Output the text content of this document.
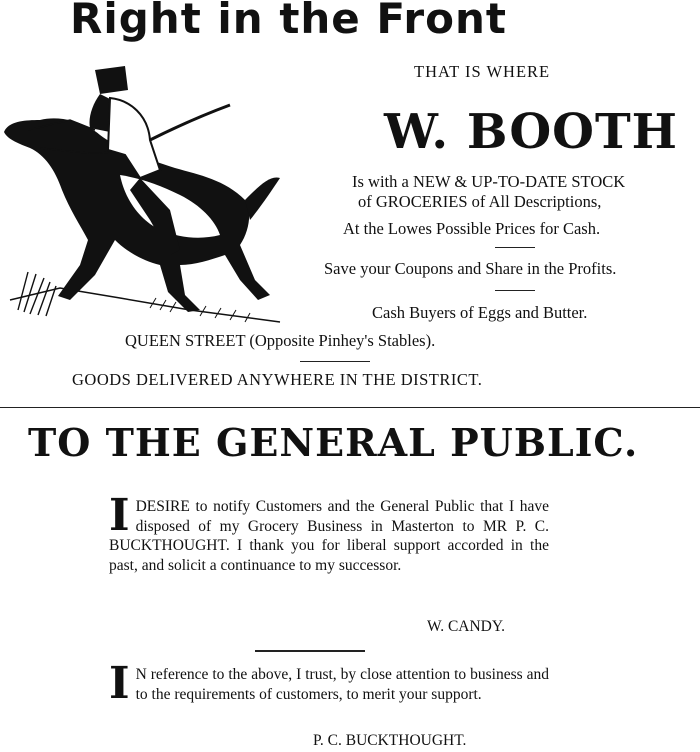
Right in the Front
THAT IS WHERE
W. BOOTH
Is with a NEW & UP-TO-DATE STOCK
of GROCERIES of All Descriptions,
At the Lowes Possible Prices for Cash.
Save your Coupons and Share in the Profits.
Cash Buyers of Eggs and Butter.
QUEEN STREET (Opposite Pinhey's Stables).
GOODS DELIVERED ANYWHERE IN THE DISTRICT.
TO THE GENERAL PUBLIC.
IDESIRE to notify Customers and the General Public that I have disposed of my Grocery Business in Masterton to MR P. C. BUCKTHOUGHT. I thank you for liberal support accorded in the past, and solicit a continuance to my successor.
W. CANDY.
I N reference to the above, I trust, by close attention to business and to the requirements of customers, to merit your support.
P. C. BUCKTHOUGHT.
